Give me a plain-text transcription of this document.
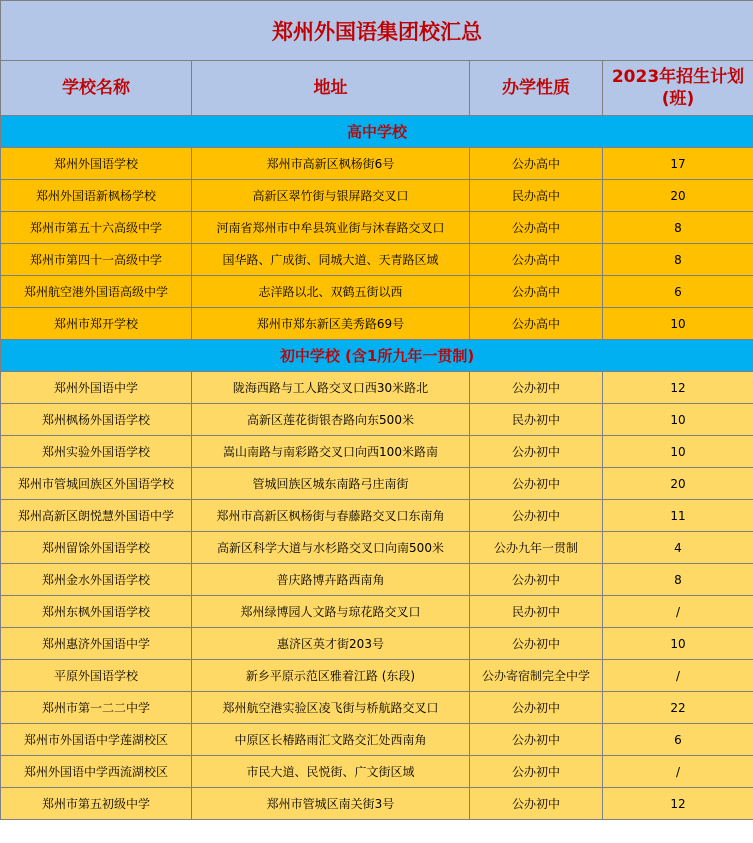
郑州外国语集团校汇总			
学校名称	地址	办学性质	2023年招生计划(班)
高中学校			
郑州外国语学校	郑州市高新区枫杨街6号	公办高中	17
郑州外国语新枫杨学校	高新区翠竹街与银屏路交叉口	民办高中	20
郑州市第五十六高级中学	河南省郑州市中牟县筑业街与沐春路交叉口	公办高中	8
郑州市第四十一高级中学	国华路、广成街、同城大道、天青路区域	公办高中	8
郑州航空港外国语高级中学	志洋路以北、双鹤五街以西	公办高中	6
郑州市郑开学校	郑州市郑东新区美秀路69号	公办高中	10
初中学校 (含1所九年一贯制)			
郑州外国语中学	陇海西路与工人路交叉口西30米路北	公办初中	12
郑州枫杨外国语学校	高新区莲花街银杏路向东500米	民办初中	10
郑州实验外国语学校	嵩山南路与南彩路交叉口向西100米路南	公办初中	10
郑州市管城回族区外国语学校	管城回族区城东南路弓庄南街	公办初中	20
郑州高新区朗悦慧外国语中学	郑州市高新区枫杨街与春藤路交叉口东南角	公办初中	11
郑州留馀外国语学校	高新区科学大道与水杉路交叉口向南500米	公办九年一贯制	4
郑州金水外国语学校	普庆路博卉路西南角	公办初中	8
郑州东枫外国语学校	郑州绿博园人文路与琼花路交叉口	民办初中	/
郑州惠济外国语中学	惠济区英才街203号	公办初中	10
平原外国语学校	新乡平原示范区雅着江路 (东段)	公办寄宿制完全中学	/
郑州市第一二二中学	郑州航空港实验区凌飞街与桥航路交叉口	公办初中	22
郑州市外国语中学莲湖校区	中原区长椿路雨汇文路交汇处西南角	公办初中	6
郑州外国语中学西流湖校区	市民大道、民悦街、广文街区域	公办初中	/
郑州市第五初级中学	郑州市管城区南关街3号	公办初中	12
